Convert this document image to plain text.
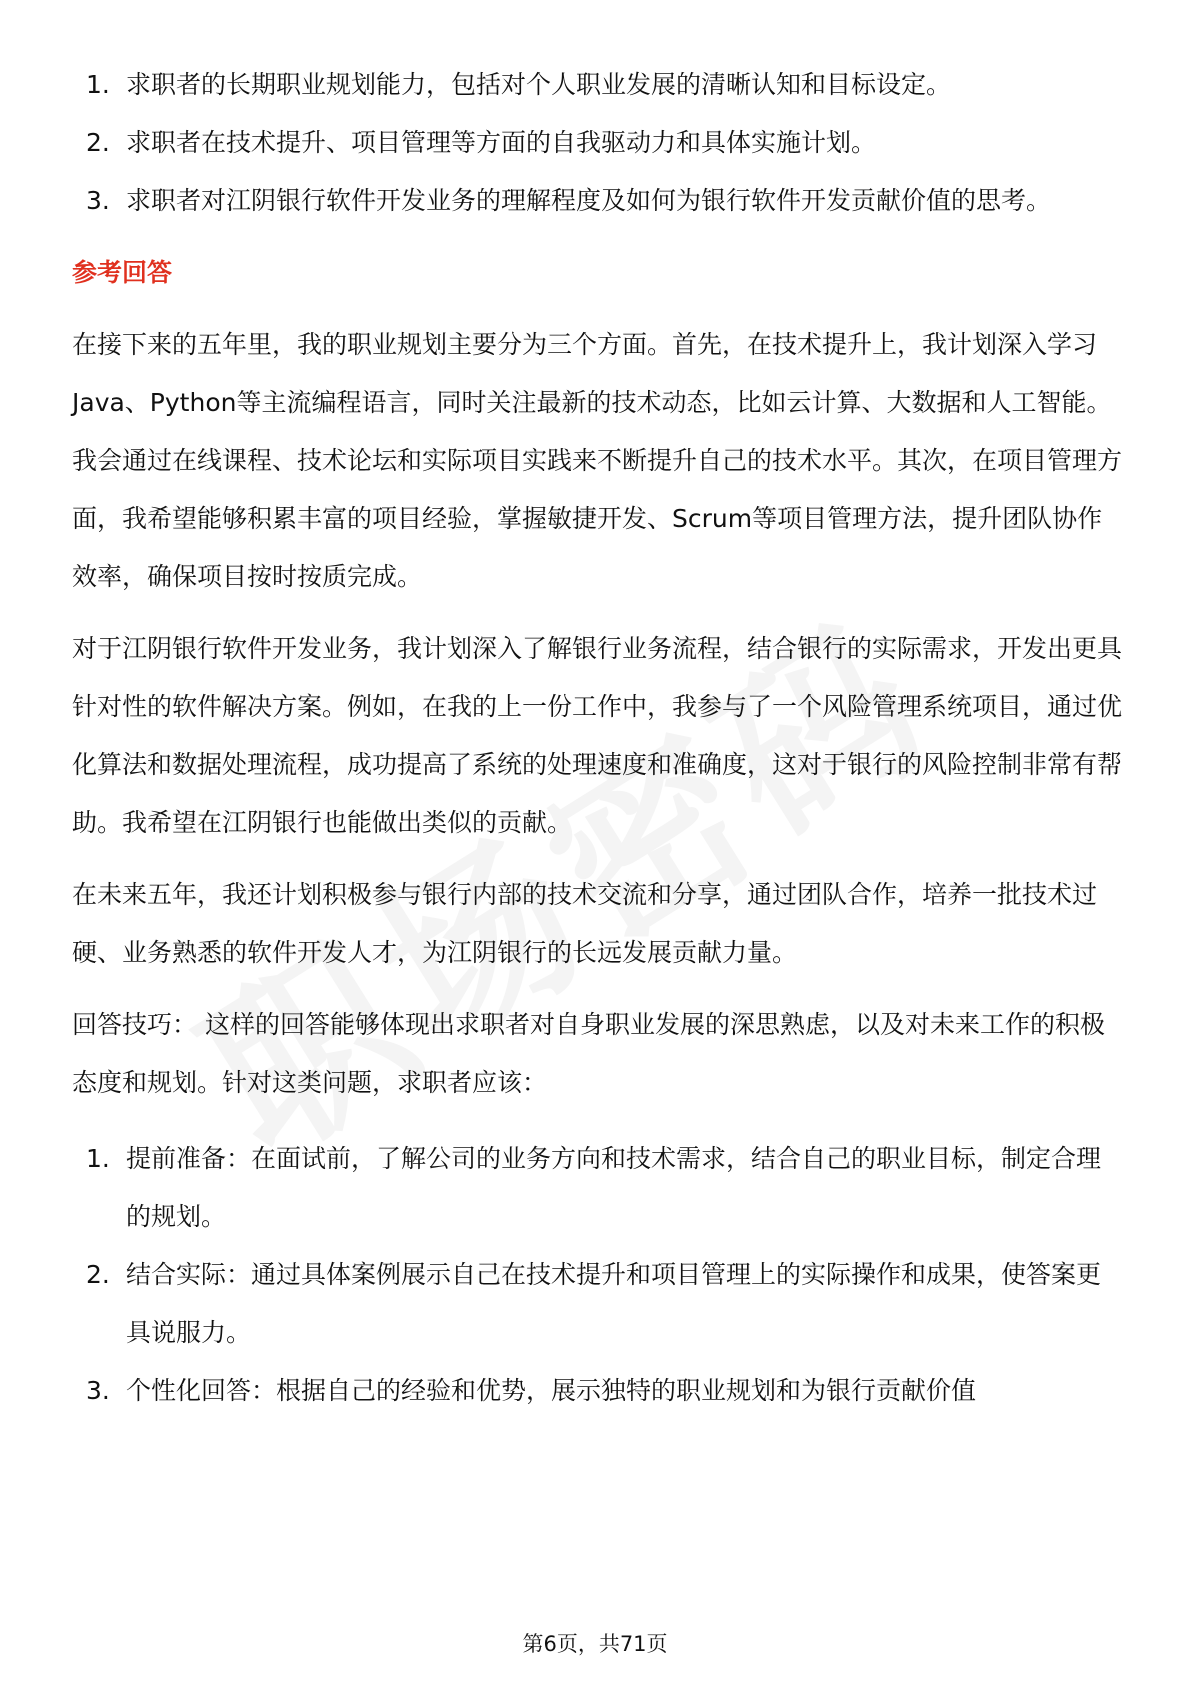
1. 求职者的长期职业规划能力，包括对个人职业发展的清晰认知和目标设定。
2. 求职者在技术提升、项目管理等方面的自我驱动力和具体实施计划。
3. 求职者对江阴银行软件开发业务的理解程度及如何为银行软件开发贡献价值的思考。
参考回答

在接下来的五年里，我的职业规划主要分为三个方面。首先，在技术提升上，我计划深入学习Java、Python等主流编程语言，同时关注最新的技术动态，比如云计算、大数据和人工智能。我会通过在线课程、技术论坛和实际项目实践来不断提升自己的技术水平。其次，在项目管理方面，我希望能够积累丰富的项目经验，掌握敏捷开发、Scrum等项目管理方法，提升团队协作效率，确保项目按时按质完成。

对于江阴银行软件开发业务，我计划深入了解银行业务流程，结合银行的实际需求，开发出更具针对性的软件解决方案。例如，在我的上一份工作中，我参与了一个风险管理系统项目，通过优化算法和数据处理流程，成功提高了系统的处理速度和准确度，这对于银行的风险控制非常有帮助。我希望在江阴银行也能做出类似的贡献。

在未来五年，我还计划积极参与银行内部的技术交流和分享，通过团队合作，培养一批技术过硬、业务熟悉的软件开发人才，为江阴银行的长远发展贡献力量。

回答技巧： 这样的回答能够体现出求职者对自身职业发展的深思熟虑，以及对未来工作的积极态度和规划。针对这类问题，求职者应该：

1. 提前准备：在面试前，了解公司的业务方向和技术需求，结合自己的职业目标，制定合理的规划。
2. 结合实际：通过具体案例展示自己在技术提升和项目管理上的实际操作和成果，使答案更具说服力。
3. 个性化回答：根据自己的经验和优势，展示独特的职业规划和为银行贡献价值
第6页，共71页
